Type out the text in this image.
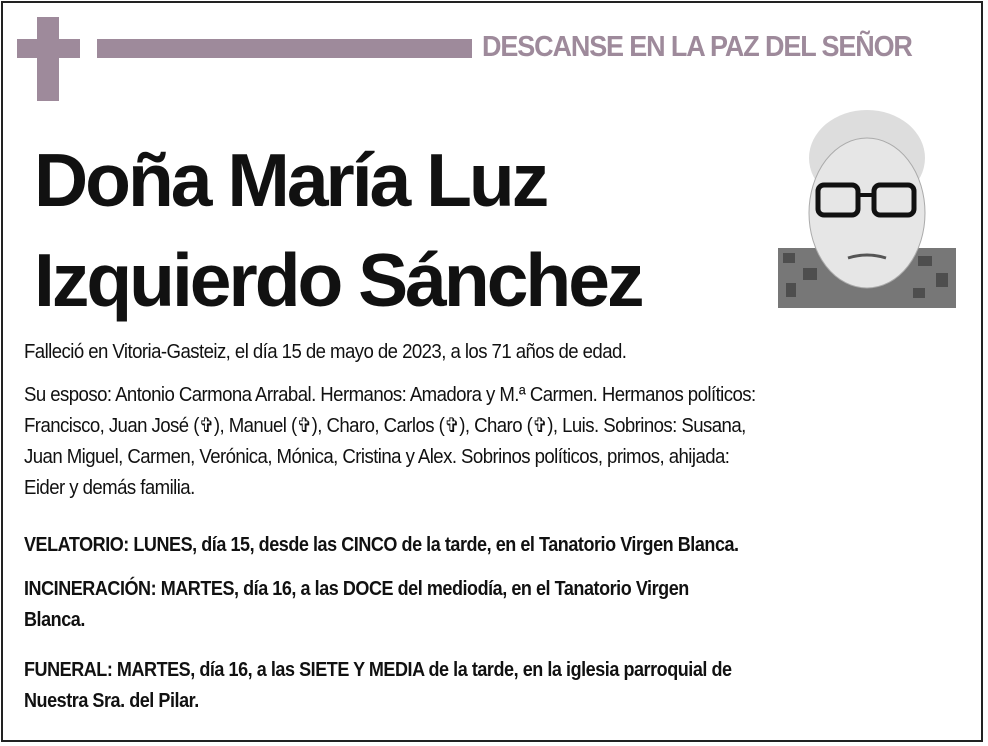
DESCANSE EN LA PAZ DEL SEÑOR
Doña María Luz
Izquierdo Sánchez
Falleció en Vitoria-Gasteiz, el día 15 de mayo de 2023, a los 71 años de edad.
Su esposo: Antonio Carmona Arrabal. Hermanos: Amadora y M.ª Carmen. Hermanos políticos:
Francisco, Juan José (✞), Manuel (✞), Charo, Carlos (✞), Charo (✞), Luis. Sobrinos: Susana,
Juan Miguel, Carmen, Verónica, Mónica, Cristina y Alex. Sobrinos políticos, primos, ahijada:
Eider y demás familia.
VELATORIO: LUNES, día 15, desde las CINCO de la tarde, en el Tanatorio Virgen Blanca.
INCINERACIÓN: MARTES, día 16, a las DOCE del mediodía, en el Tanatorio Virgen
Blanca.
FUNERAL: MARTES, día 16, a las SIETE Y MEDIA de la tarde, en la iglesia parroquial de
Nuestra Sra. del Pilar.
